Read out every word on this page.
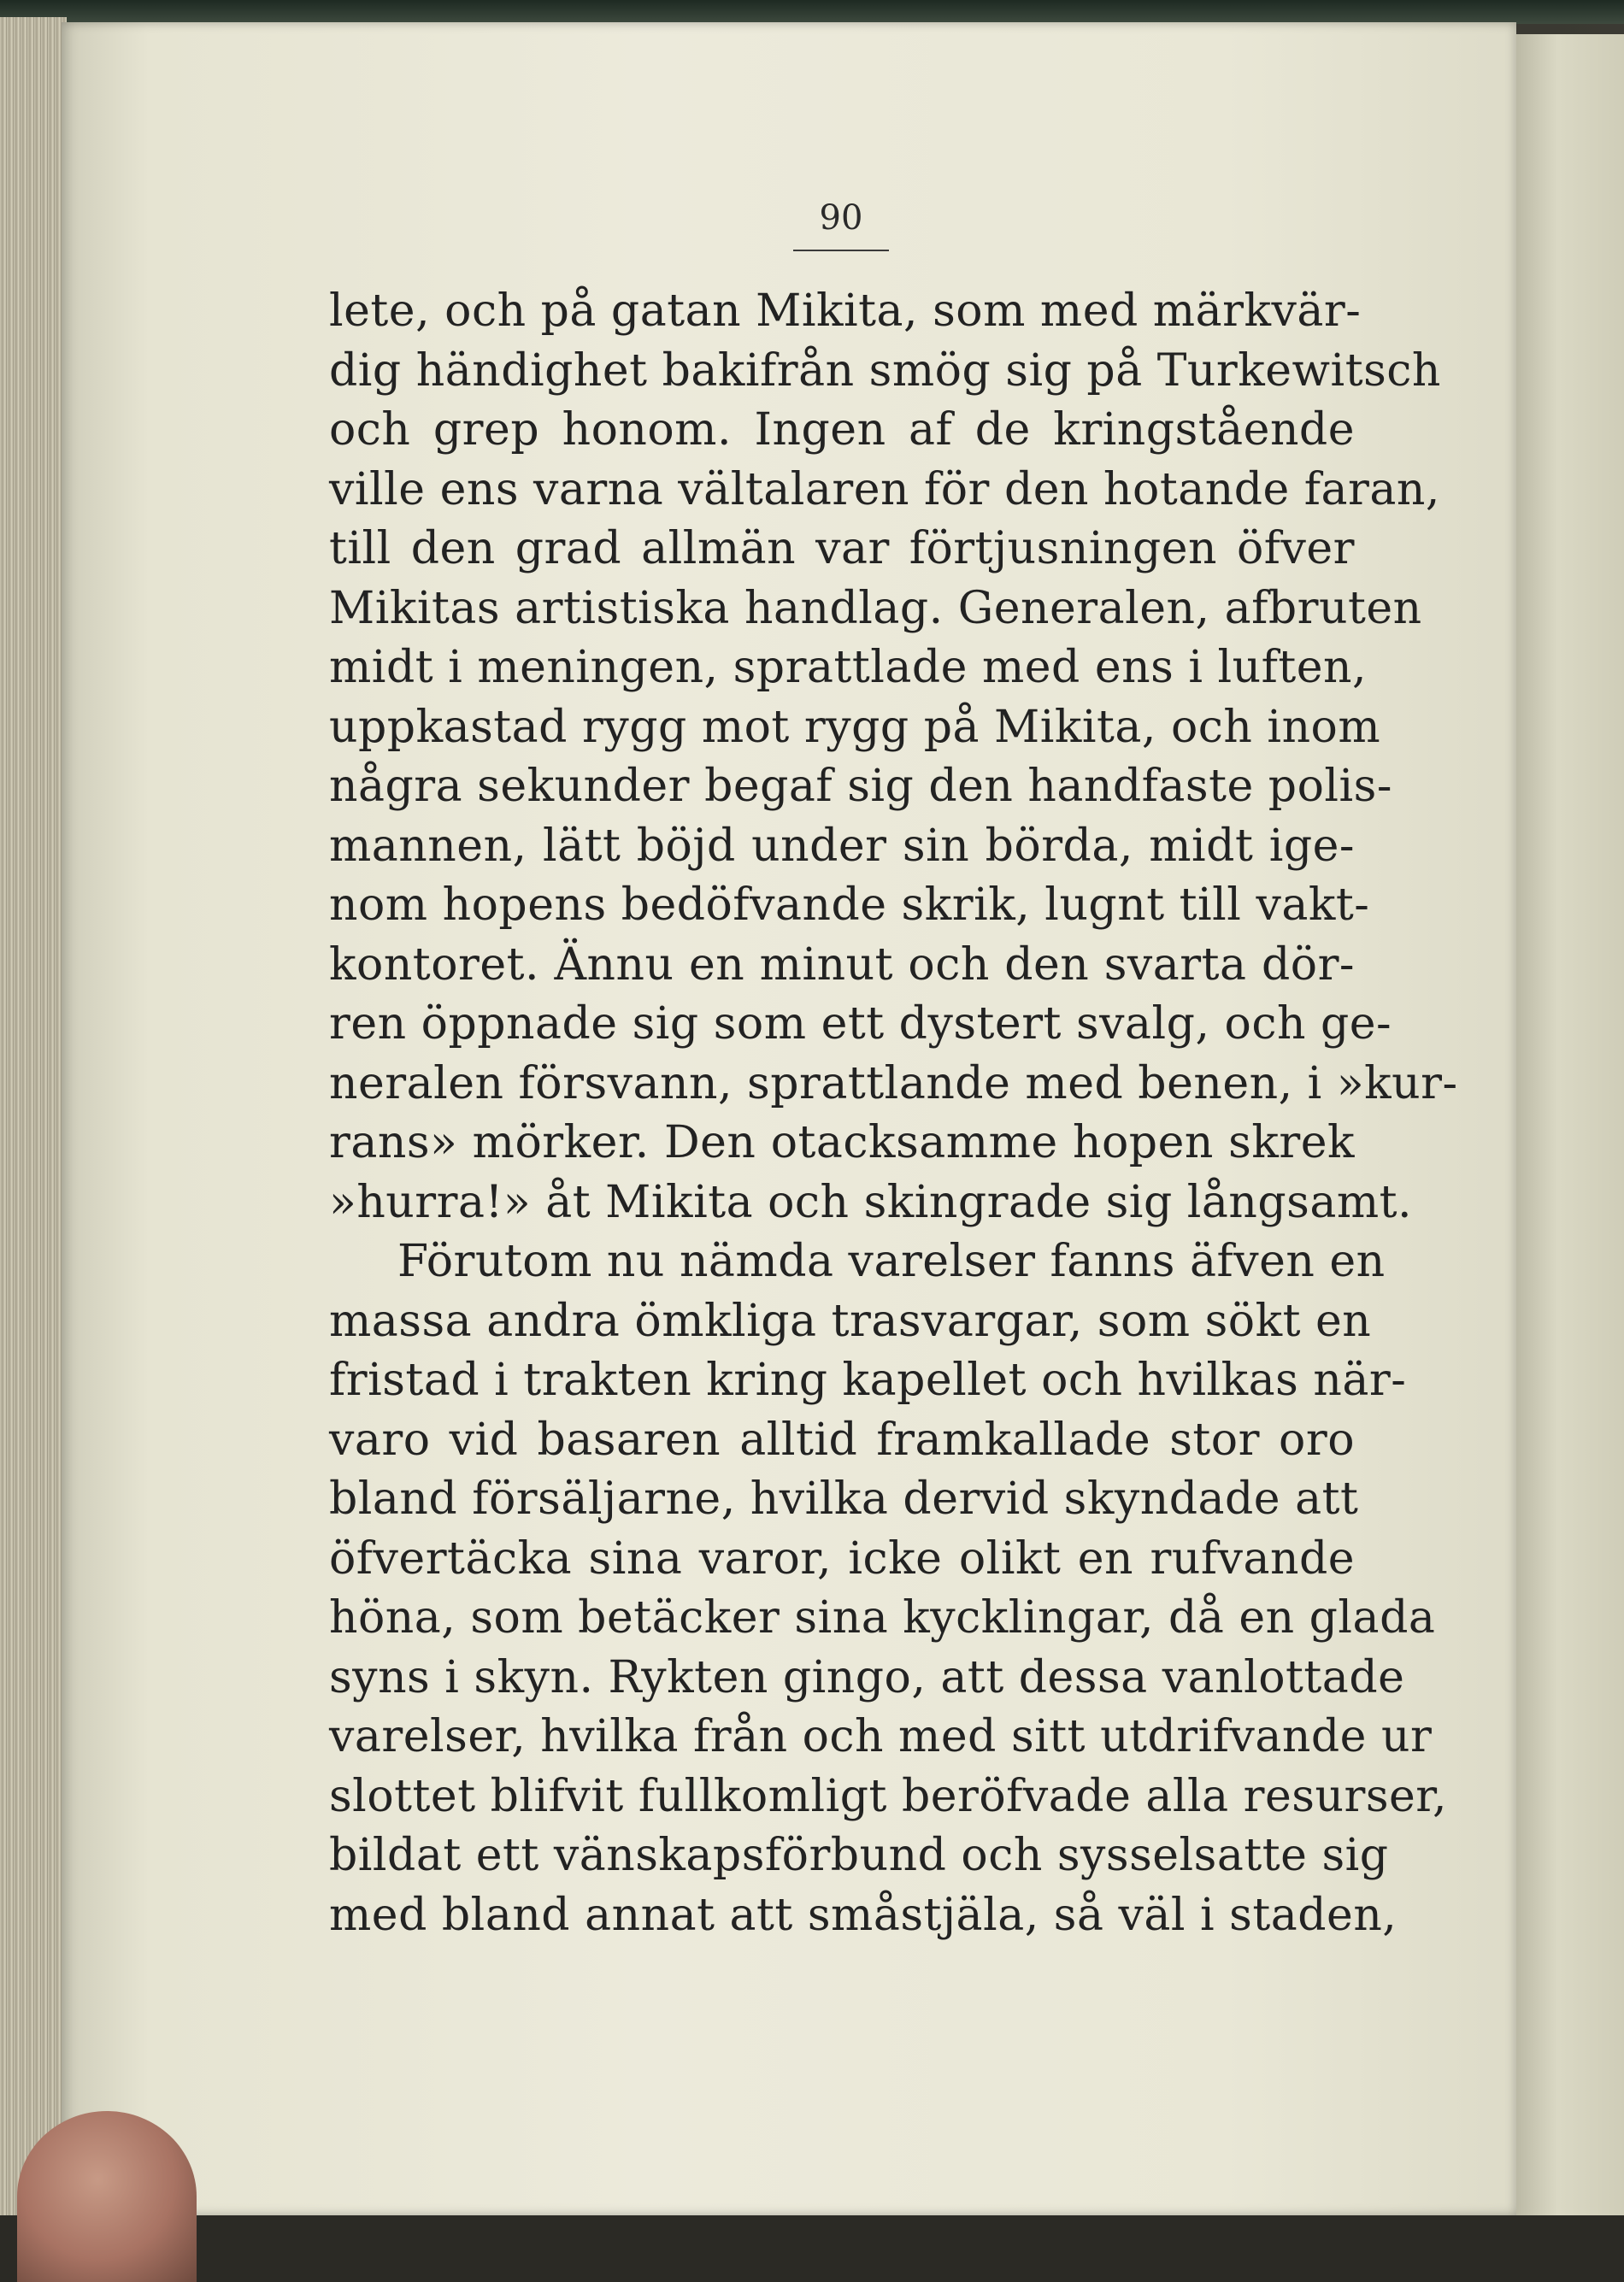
90
lete, och på gatan Mikita, som med märkvär-
dig händighet bakifrån smög sig på Turkewitsch
och grep honom. Ingen af de kringstående
ville ens varna vältalaren för den hotande faran,
till den grad allmän var förtjusningen öfver
Mikitas artistiska handlag. Generalen, afbruten
midt i meningen, sprattlade med ens i luften,
uppkastad rygg mot rygg på Mikita, och inom
några sekunder begaf sig den handfaste polis-
mannen, lätt böjd under sin börda, midt ige-
nom hopens bedöfvande skrik, lugnt till vakt-
kontoret. Ännu en minut och den svarta dör-
ren öppnade sig som ett dystert svalg, och ge-
neralen försvann, sprattlande med benen, i »kur-
rans» mörker. Den otacksamme hopen skrek
»hurra!» åt Mikita och skingrade sig långsamt.
Förutom nu nämda varelser fanns äfven en
massa andra ömkliga trasvargar, som sökt en
fristad i trakten kring kapellet och hvilkas när-
varo vid basaren alltid framkallade stor oro
bland försäljarne, hvilka dervid skyndade att
öfvertäcka sina varor, icke olikt en rufvande
höna, som betäcker sina kycklingar, då en glada
syns i skyn. Rykten gingo, att dessa vanlottade
varelser, hvilka från och med sitt utdrifvande ur
slottet blifvit fullkomligt beröfvade alla resurser,
bildat ett vänskapsförbund och sysselsatte sig
med bland annat att småstjäla, så väl i staden,
